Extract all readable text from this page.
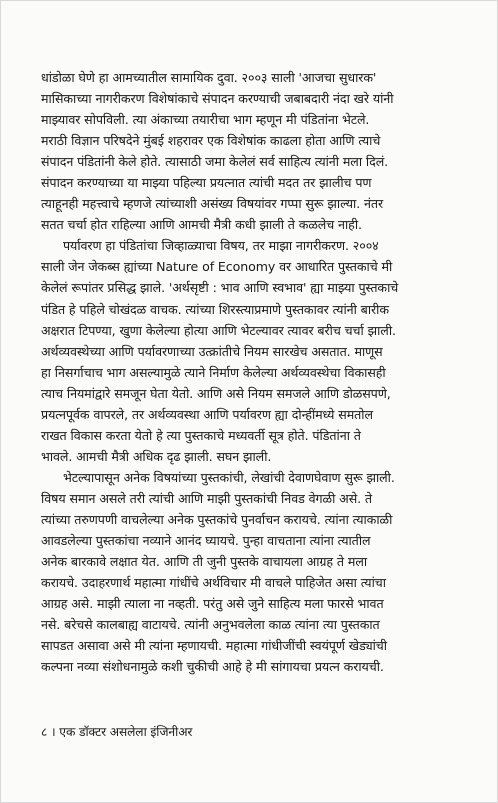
धांडोळा घेणे हा आमच्यातील सामायिक दुवा. २००३ साली 'आजचा सुधारक'
मासिकाच्या नागरीकरण विशेषांकाचे संपादन करण्याची जबाबदारी नंदा खरे यांनी
माझ्यावर सोपविली. त्या अंकाच्या तयारीचा भाग म्हणून मी पंडितांना भेटले.
मराठी विज्ञान परिषदेने मुंबई शहरावर एक विशेषांक काढला होता आणि त्याचे
संपादन पंडितांनी केले होते. त्यासाठी जमा केलेलं सर्व साहित्य त्यांनी मला दिलं.
संपादन करण्याच्या या माझ्या पहिल्या प्रयत्नात त्यांची मदत तर झालीच पण
त्याहूनही महत्त्वाचे म्हणजे त्यांच्याशी असंख्य विषयांवर गप्पा सुरू झाल्या. नंतर
सतत चर्चा होत राहिल्या आणि आमची मैत्री कधी झाली ते कळलेच नाही.
पर्यावरण हा पंडितांचा जिव्हाळ्याचा विषय, तर माझा नागरीकरण. २००४
साली जेन जेकब्स ह्यांच्या Nature of Economy वर आधारित पुस्तकाचे मी
केलेलं रूपांतर प्रसिद्ध झाले. 'अर्थसृष्टी : भाव आणि स्वभाव' ह्या माझ्या पुस्तकाचे
पंडित हे पहिले चोखंदळ वाचक. त्यांच्या शिरस्त्याप्रमाणे पुस्तकावर त्यांनी बारीक
अक्षरात टिपण्या, खुणा केलेल्या होत्या आणि भेटल्यावर त्यावर बरीच चर्चा झाली.
अर्थव्यवस्थेच्या आणि पर्यावरणाच्या उत्क्रांतीचे नियम सारखेच असतात. माणूस
हा निसर्गाचाच भाग असल्यामुळे त्याने निर्माण केलेल्या अर्थव्यवस्थेचा विकासही
त्याच नियमांद्वारे समजून घेता येतो. आणि असे नियम समजले आणि डोळसपणे,
प्रयत्नपूर्वक वापरले, तर अर्थव्यवस्था आणि पर्यावरण ह्या दोन्हींमध्ये समतोल
राखत विकास करता येतो हे त्या पुस्तकाचे मध्यवर्ती सूत्र होते. पंडितांना ते
भावले. आमची मैत्री अधिक दृढ झाली. सघन झाली.
भेटल्यापासून अनेक विषयांच्या पुस्तकांची, लेखांची देवाणघेवाण सुरू झाली.
विषय समान असले तरी त्यांची आणि माझी पुस्तकांची निवड वेगळी असे. ते
त्यांच्या तरुणपणी वाचलेल्या अनेक पुस्तकांचे पुनर्वाचन करायचे. त्यांना त्याकाळी
आवडलेल्या पुस्तकांचा नव्याने आनंद घ्यायचे. पुन्हा वाचताना त्यांना त्यातील
अनेक बारकावे लक्षात येत. आणि ती जुनी पुस्तके वाचायला आग्रह ते मला
करायचे. उदाहरणार्थ महात्मा गांधींचे अर्थविचार मी वाचले पाहिजेत असा त्यांचा
आग्रह असे. माझी त्याला ना नव्हती. परंतु असे जुने साहित्य मला फारसे भावत
नसे. बरेचसे कालबाह्य वाटायचे. त्यांनी अनुभवलेला काळ त्यांना त्या पुस्तकात
सापडत असावा असे मी त्यांना म्हणायची. महात्मा गांधीजींची स्वयंपूर्ण खेड्यांची
कल्पना नव्या संशोधनामुळे कशी चुकीची आहे हे मी सांगायचा प्रयत्न करायची.
८ । एक डॉक्टर असलेला इंजिनीअर
